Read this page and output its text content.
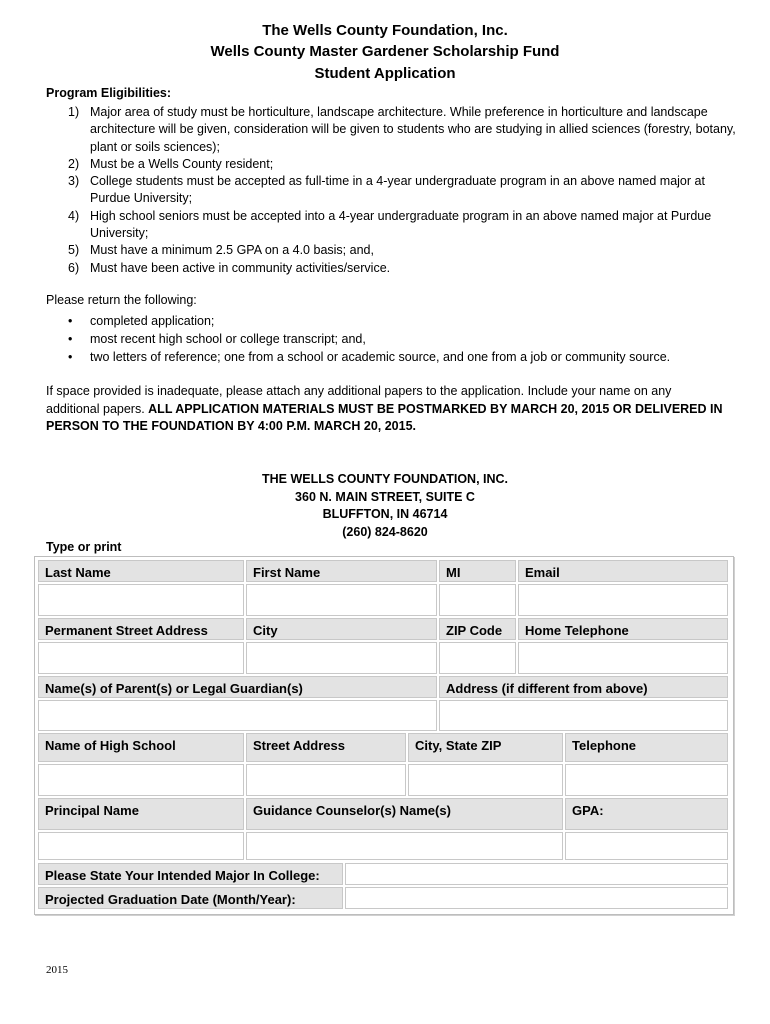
The Wells County Foundation, Inc.
Wells County Master Gardener Scholarship Fund
Student Application
Program Eligibilities:
1) Major area of study must be horticulture, landscape architecture. While preference in horticulture and landscape architecture will be given, consideration will be given to students who are studying in allied sciences (forestry, botany, plant or soils sciences);
2) Must be a Wells County resident;
3) College students must be accepted as full-time in a 4-year undergraduate program in an above named major at Purdue University;
4) High school seniors must be accepted into a 4-year undergraduate program in an above named major at Purdue University;
5) Must have a minimum 2.5 GPA on a 4.0 basis; and,
6) Must have been active in community activities/service.
Please return the following:
• completed application;
• most recent high school or college transcript; and,
• two letters of reference; one from a school or academic source, and one from a job or community source.
If space provided is inadequate, please attach any additional papers to the application. Include your name on any additional papers. ALL APPLICATION MATERIALS MUST BE POSTMARKED BY MARCH 20, 2015 OR DELIVERED IN PERSON TO THE FOUNDATION BY 4:00 P.M. MARCH 20, 2015.
THE WELLS COUNTY FOUNDATION, INC.
360 N. MAIN STREET, SUITE C
BLUFFTON, IN 46714
(260) 824-8620
Type or print
Last Name	First Name	MI	Email
Permanent Street Address	City	ZIP Code	Home Telephone
Name(s) of Parent(s) or Legal Guardian(s)	Address (if different from above)
Name of High School	Street Address	City, State ZIP	Telephone
Principal Name	Guidance Counselor(s) Name(s)	GPA:
Please State Your Intended Major In College:
Projected Graduation Date (Month/Year):
2015
